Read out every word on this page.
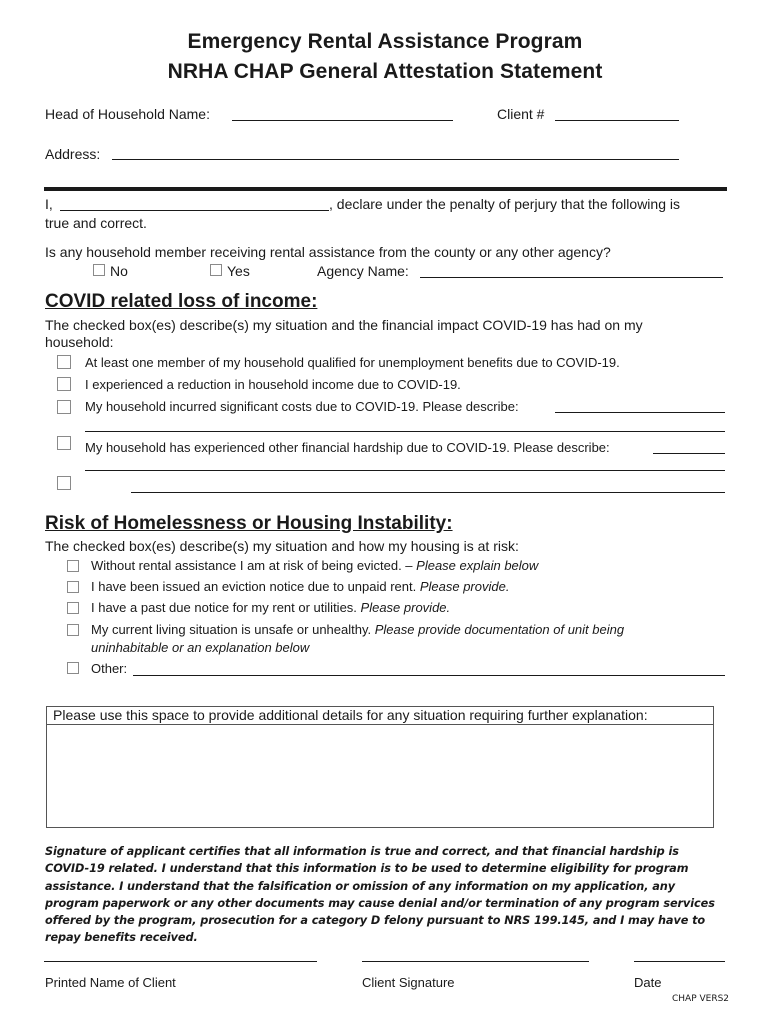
Emergency Rental Assistance Program
NRHA CHAP General Attestation Statement
Head of Household Name:	Client #
Address:
I,	, declare under the penalty of perjury that the following is
true and correct.
Is any household member receiving rental assistance from the county or any other agency?
No	Yes	Agency Name:
COVID related loss of income:
The checked box(es) describe(s) my situation and the financial impact COVID-19 has had on my
household:
At least one member of my household qualified for unemployment benefits due to COVID-19.
I experienced a reduction in household income due to COVID-19.
My household incurred significant costs due to COVID-19. Please describe:
My household has experienced other financial hardship due to COVID-19. Please describe:
Risk of Homelessness or Housing Instability:
The checked box(es) describe(s) my situation and how my housing is at risk:
Without rental assistance I am at risk of being evicted. – Please explain below
I have been issued an eviction notice due to unpaid rent. Please provide.
I have a past due notice for my rent or utilities. Please provide.
My current living situation is unsafe or unhealthy. Please provide documentation of unit being
uninhabitable or an explanation below
Other:
Please use this space to provide additional details for any situation requiring further explanation:
Signature of applicant certifies that all information is true and correct, and that financial hardship is COVID-19 related. I understand that this information is to be used to determine eligibility for program assistance. I understand that the falsification or omission of any information on my application, any program paperwork or any other documents may cause denial and/or termination of any program services offered by the program, prosecution for a category D felony pursuant to NRS 199.145, and I may have to repay benefits received.
Printed Name of Client	Client Signature	Date
CHAP VERS2
